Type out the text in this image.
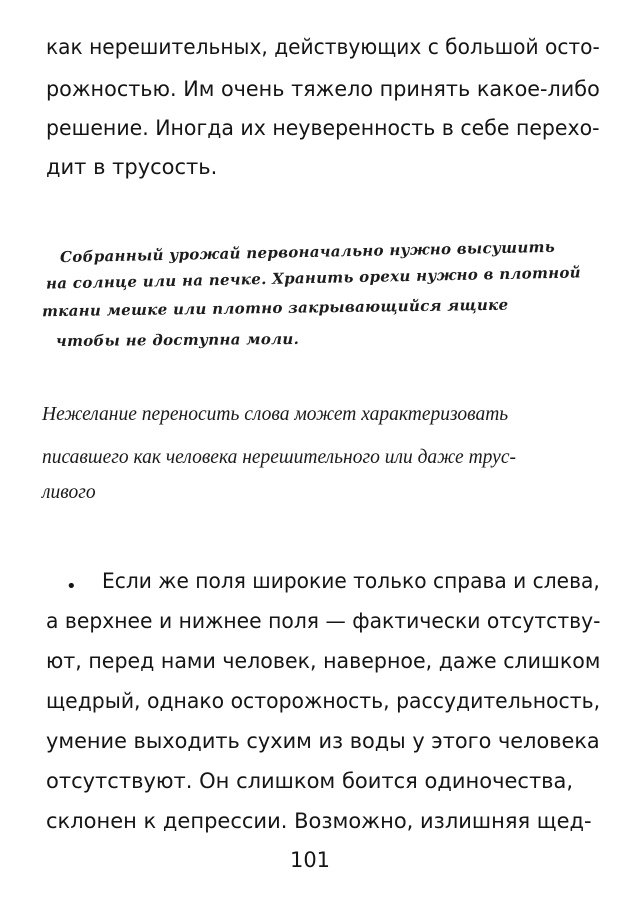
как нерешительных, действующих с большой осто-
рожностью. Им очень тяжело принять какое-либо
решение. Иногда их неуверенность в себе перехо-
дит в трусость.
Собранный урожай первоначально нужно высушить
на солнце или на печке. Хранить орехи нужно в плотной
ткани мешке или плотно закрывающийся ящике
чтобы не доступна моли.
Нежелание переносить слова может характеризовать
писавшего как человека нерешительного или даже трус-
ливого
• Если же поля широкие только справа и слева,
а верхнее и нижнее поля — фактически отсутству-
ют, перед нами человек, наверное, даже слишком
щедрый, однако осторожность, рассудительность,
умение выходить сухим из воды у этого человека
отсутствуют. Он слишком боится одиночества,
склонен к депрессии. Возможно, излишняя щед-
101
